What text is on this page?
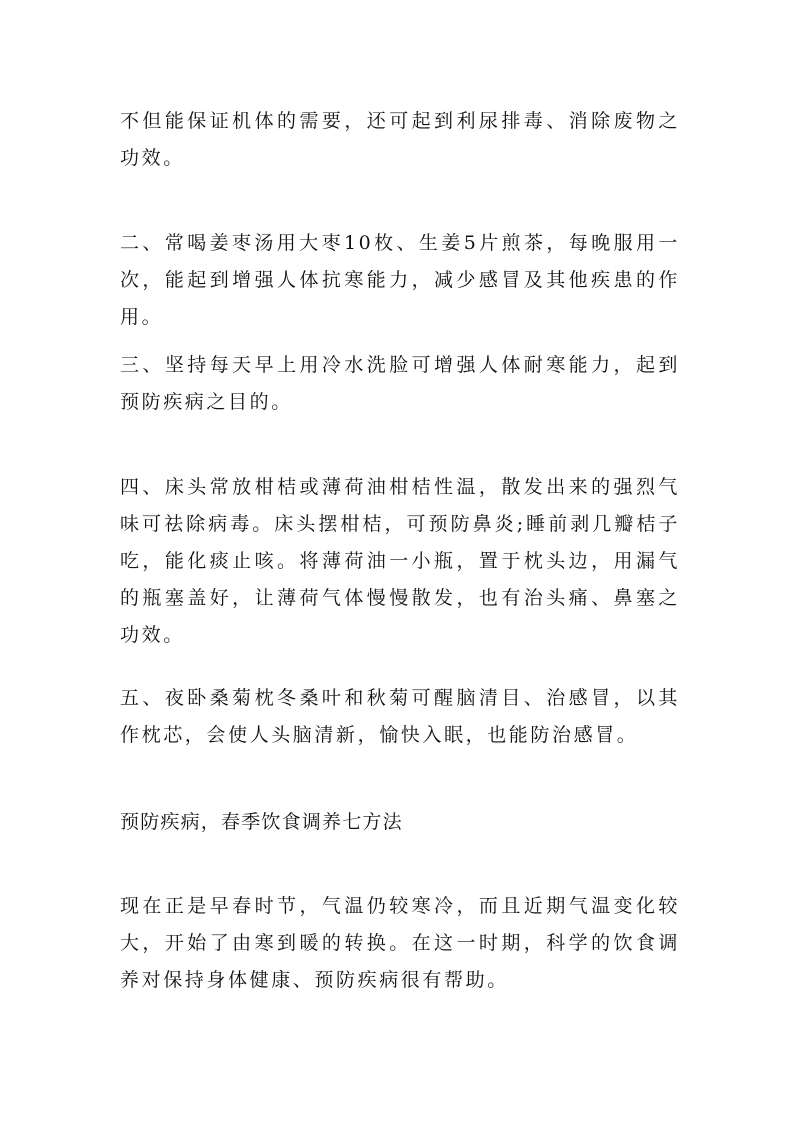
不但能保证机体的需要，还可起到利尿排毒、消除废物之功效。

二、常喝姜枣汤用大枣10枚、生姜5片煎茶，每晚服用一次，能起到增强人体抗寒能力，减少感冒及其他疾患的作用。

三、坚持每天早上用冷水洗脸可增强人体耐寒能力，起到预防疾病之目的。

四、床头常放柑桔或薄荷油柑桔性温，散发出来的强烈气味可祛除病毒。床头摆柑桔，可预防鼻炎;睡前剥几瓣桔子吃，能化痰止咳。将薄荷油一小瓶，置于枕头边，用漏气的瓶塞盖好，让薄荷气体慢慢散发，也有治头痛、鼻塞之功效。

五、夜卧桑菊枕冬桑叶和秋菊可醒脑清目、治感冒，以其作枕芯，会使人头脑清新，愉快入眠，也能防治感冒。

预防疾病，春季饮食调养七方法

现在正是早春时节，气温仍较寒冷，而且近期气温变化较大，开始了由寒到暖的转换。在这一时期，科学的饮食调养对保持身体健康、预防疾病很有帮助。
